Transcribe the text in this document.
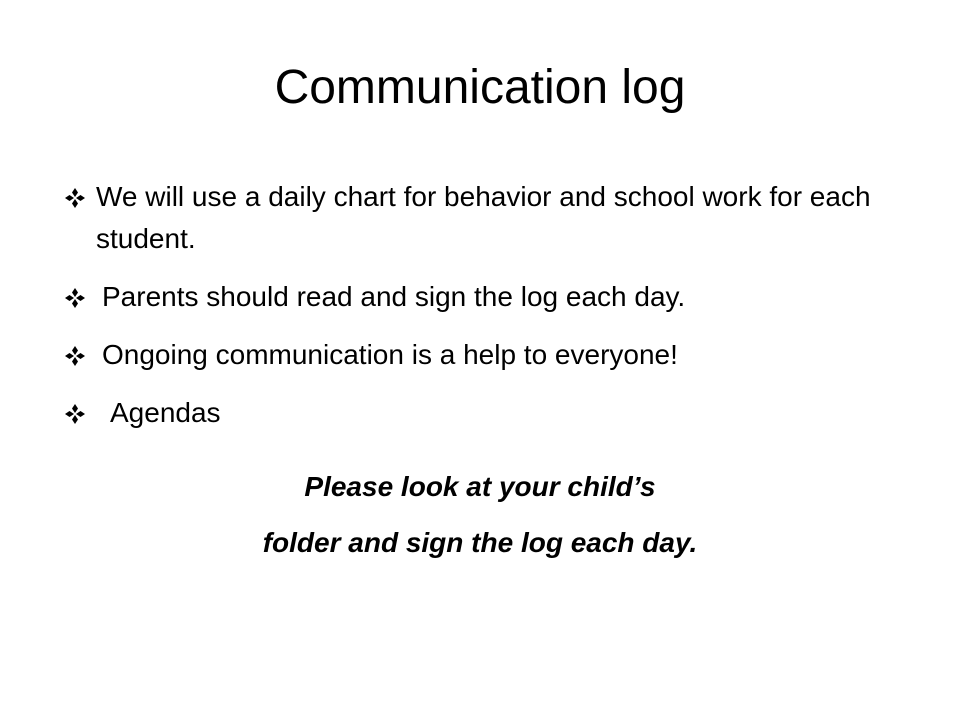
Communication log
We will use a daily chart for behavior and school work for each student.
Parents should read and sign the log each day.
Ongoing communication is a help to everyone!
Agendas
Please look at your child’s
folder and sign the log each day.
